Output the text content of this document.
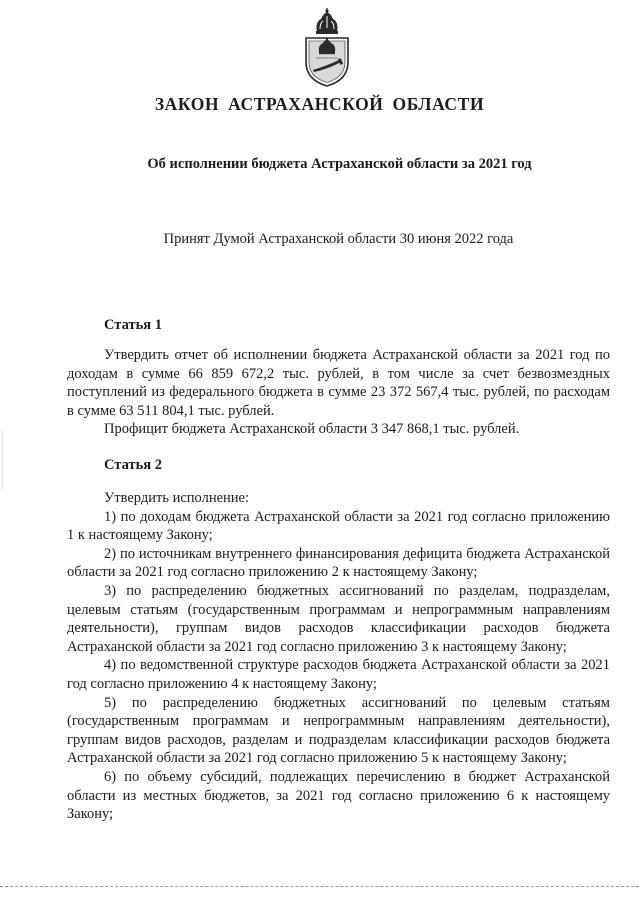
ЗАКОН АСТРАХАНСКОЙ ОБЛАСТИ
Об исполнении бюджета Астраханской области за 2021 год
Принят Думой Астраханской области 30 июня 2022 года
Статья 1

Утвердить отчет об исполнении бюджета Астраханской области за 2021 год по доходам в сумме 66 859 672,2 тыс. рублей, в том числе за счет безвозмездных поступлений из федерального бюджета в сумме 23 372 567,4 тыс. рублей, по расходам в сумме 63 511 804,1 тыс. рублей.

Профицит бюджета Астраханской области 3 347 868,1 тыс. рублей.

Статья 2

Утвердить исполнение:

1) по доходам бюджета Астраханской области за 2021 год согласно приложению 1 к настоящему Закону;

2) по источникам внутреннего финансирования дефицита бюджета Астраханской области за 2021 год согласно приложению 2 к настоящему Закону;

3) по распределению бюджетных ассигнований по разделам, подразделам, целевым статьям (государственным программам и непрограммным направлениям деятельности), группам видов расходов классификации расходов бюджета Астраханской области за 2021 год согласно приложению 3 к настоящему Закону;

4) по ведомственной структуре расходов бюджета Астраханской области за 2021 год согласно приложению 4 к настоящему Закону;

5) по распределению бюджетных ассигнований по целевым статьям (государственным программам и непрограммным направлениям деятельности), группам видов расходов, разделам и подразделам классификации расходов бюджета Астраханской области за 2021 год согласно приложению 5 к настоящему Закону;

6) по объему субсидий, подлежащих перечислению в бюджет Астраханской области из местных бюджетов, за 2021 год согласно приложению 6 к настоящему Закону;
